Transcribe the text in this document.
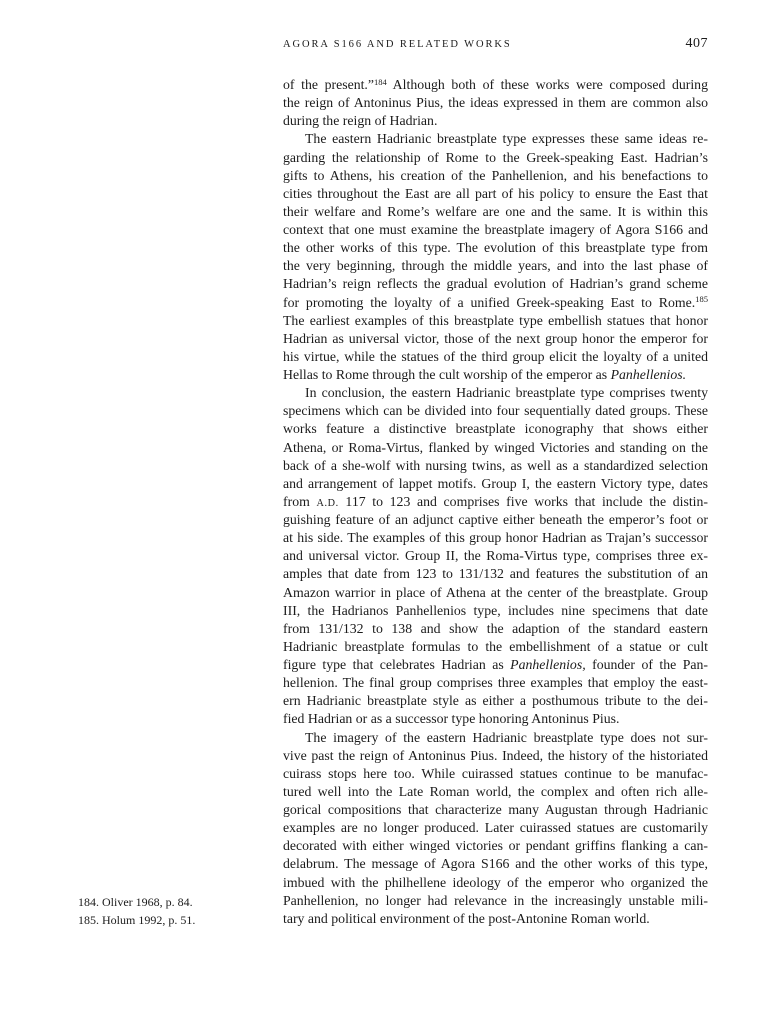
AGORA S166 AND RELATED WORKS	407
of the present.”$^{184}$ Although both of these works were composed during
the reign of Antoninus Pius, the ideas expressed in them are common also
during the reign of Hadrian.
The eastern Hadrianic breastplate type expresses these same ideas re-
garding the relationship of Rome to the Greek-speaking East. Hadrian’s
gifts to Athens, his creation of the Panhellenion, and his benefactions to
cities throughout the East are all part of his policy to ensure the East that
their welfare and Rome’s welfare are one and the same. It is within this
context that one must examine the breastplate imagery of Agora S166 and
the other works of this type. The evolution of this breastplate type from
the very beginning, through the middle years, and into the last phase of
Hadrian’s reign reflects the gradual evolution of Hadrian’s grand scheme
for promoting the loyalty of a unified Greek-speaking East to Rome.$^{185}$
The earliest examples of this breastplate type embellish statues that honor
Hadrian as universal victor, those of the next group honor the emperor for
his virtue, while the statues of the third group elicit the loyalty of a united
Hellas to Rome through the cult worship of the emperor as Panhellenios.
In conclusion, the eastern Hadrianic breastplate type comprises twenty
specimens which can be divided into four sequentially dated groups. These
works feature a distinctive breastplate iconography that shows either
Athena, or Roma-Virtus, flanked by winged Victories and standing on the
back of a she-wolf with nursing twins, as well as a standardized selection
and arrangement of lappet motifs. Group I, the eastern Victory type, dates
from A.D. 117 to 123 and comprises five works that include the distin-
guishing feature of an adjunct captive either beneath the emperor’s foot or
at his side. The examples of this group honor Hadrian as Trajan’s successor
and universal victor. Group II, the Roma-Virtus type, comprises three ex-
amples that date from 123 to 131/132 and features the substitution of an
Amazon warrior in place of Athena at the center of the breastplate. Group
III, the Hadrianos Panhellenios type, includes nine specimens that date
from 131/132 to 138 and show the adaption of the standard eastern
Hadrianic breastplate formulas to the embellishment of a statue or cult
figure type that celebrates Hadrian as Panhellenios, founder of the Pan-
hellenion. The final group comprises three examples that employ the east-
ern Hadrianic breastplate style as either a posthumous tribute to the dei-
fied Hadrian or as a successor type honoring Antoninus Pius.
The imagery of the eastern Hadrianic breastplate type does not sur-
vive past the reign of Antoninus Pius. Indeed, the history of the historiated
cuirass stops here too. While cuirassed statues continue to be manufac-
tured well into the Late Roman world, the complex and often rich alle-
gorical compositions that characterize many Augustan through Hadrianic
examples are no longer produced. Later cuirassed statues are customarily
decorated with either winged victories or pendant griffins flanking a can-
delabrum. The message of Agora S166 and the other works of this type,
imbued with the philhellene ideology of the emperor who organized the
Panhellenion, no longer had relevance in the increasingly unstable mili-
tary and political environment of the post-Antonine Roman world.
184. Oliver 1968, p. 84.
185. Holum 1992, p. 51.
